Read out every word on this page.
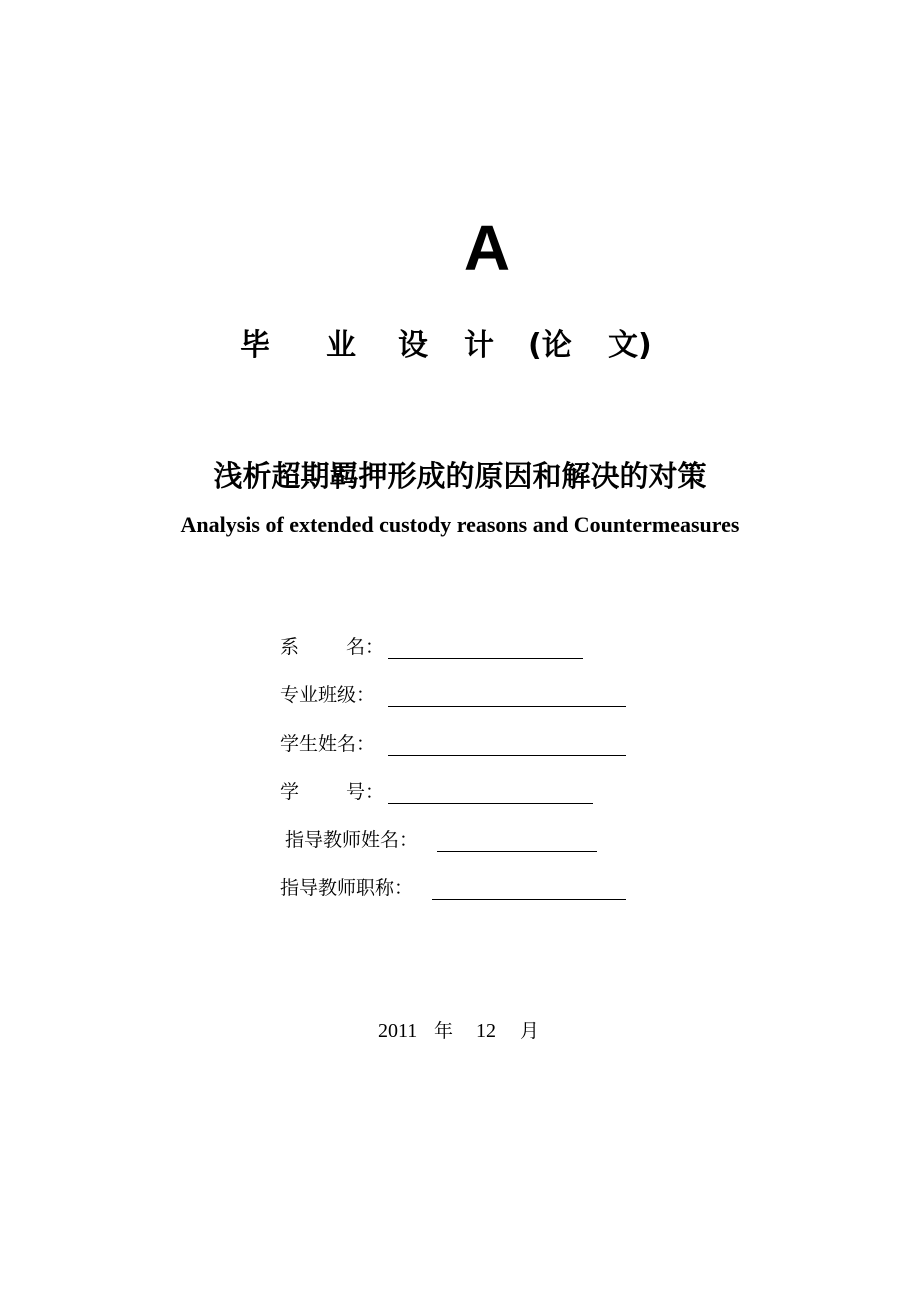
A
毕 业 设 计 (论 文)
浅析超期羁押形成的原因和解决的对策
Analysis of extended custody reasons and Countermeasures
系 名：
专业班级：
学生姓名：
学 号：
指导教师姓名：
指导教师职称：
2011 年 12 月
